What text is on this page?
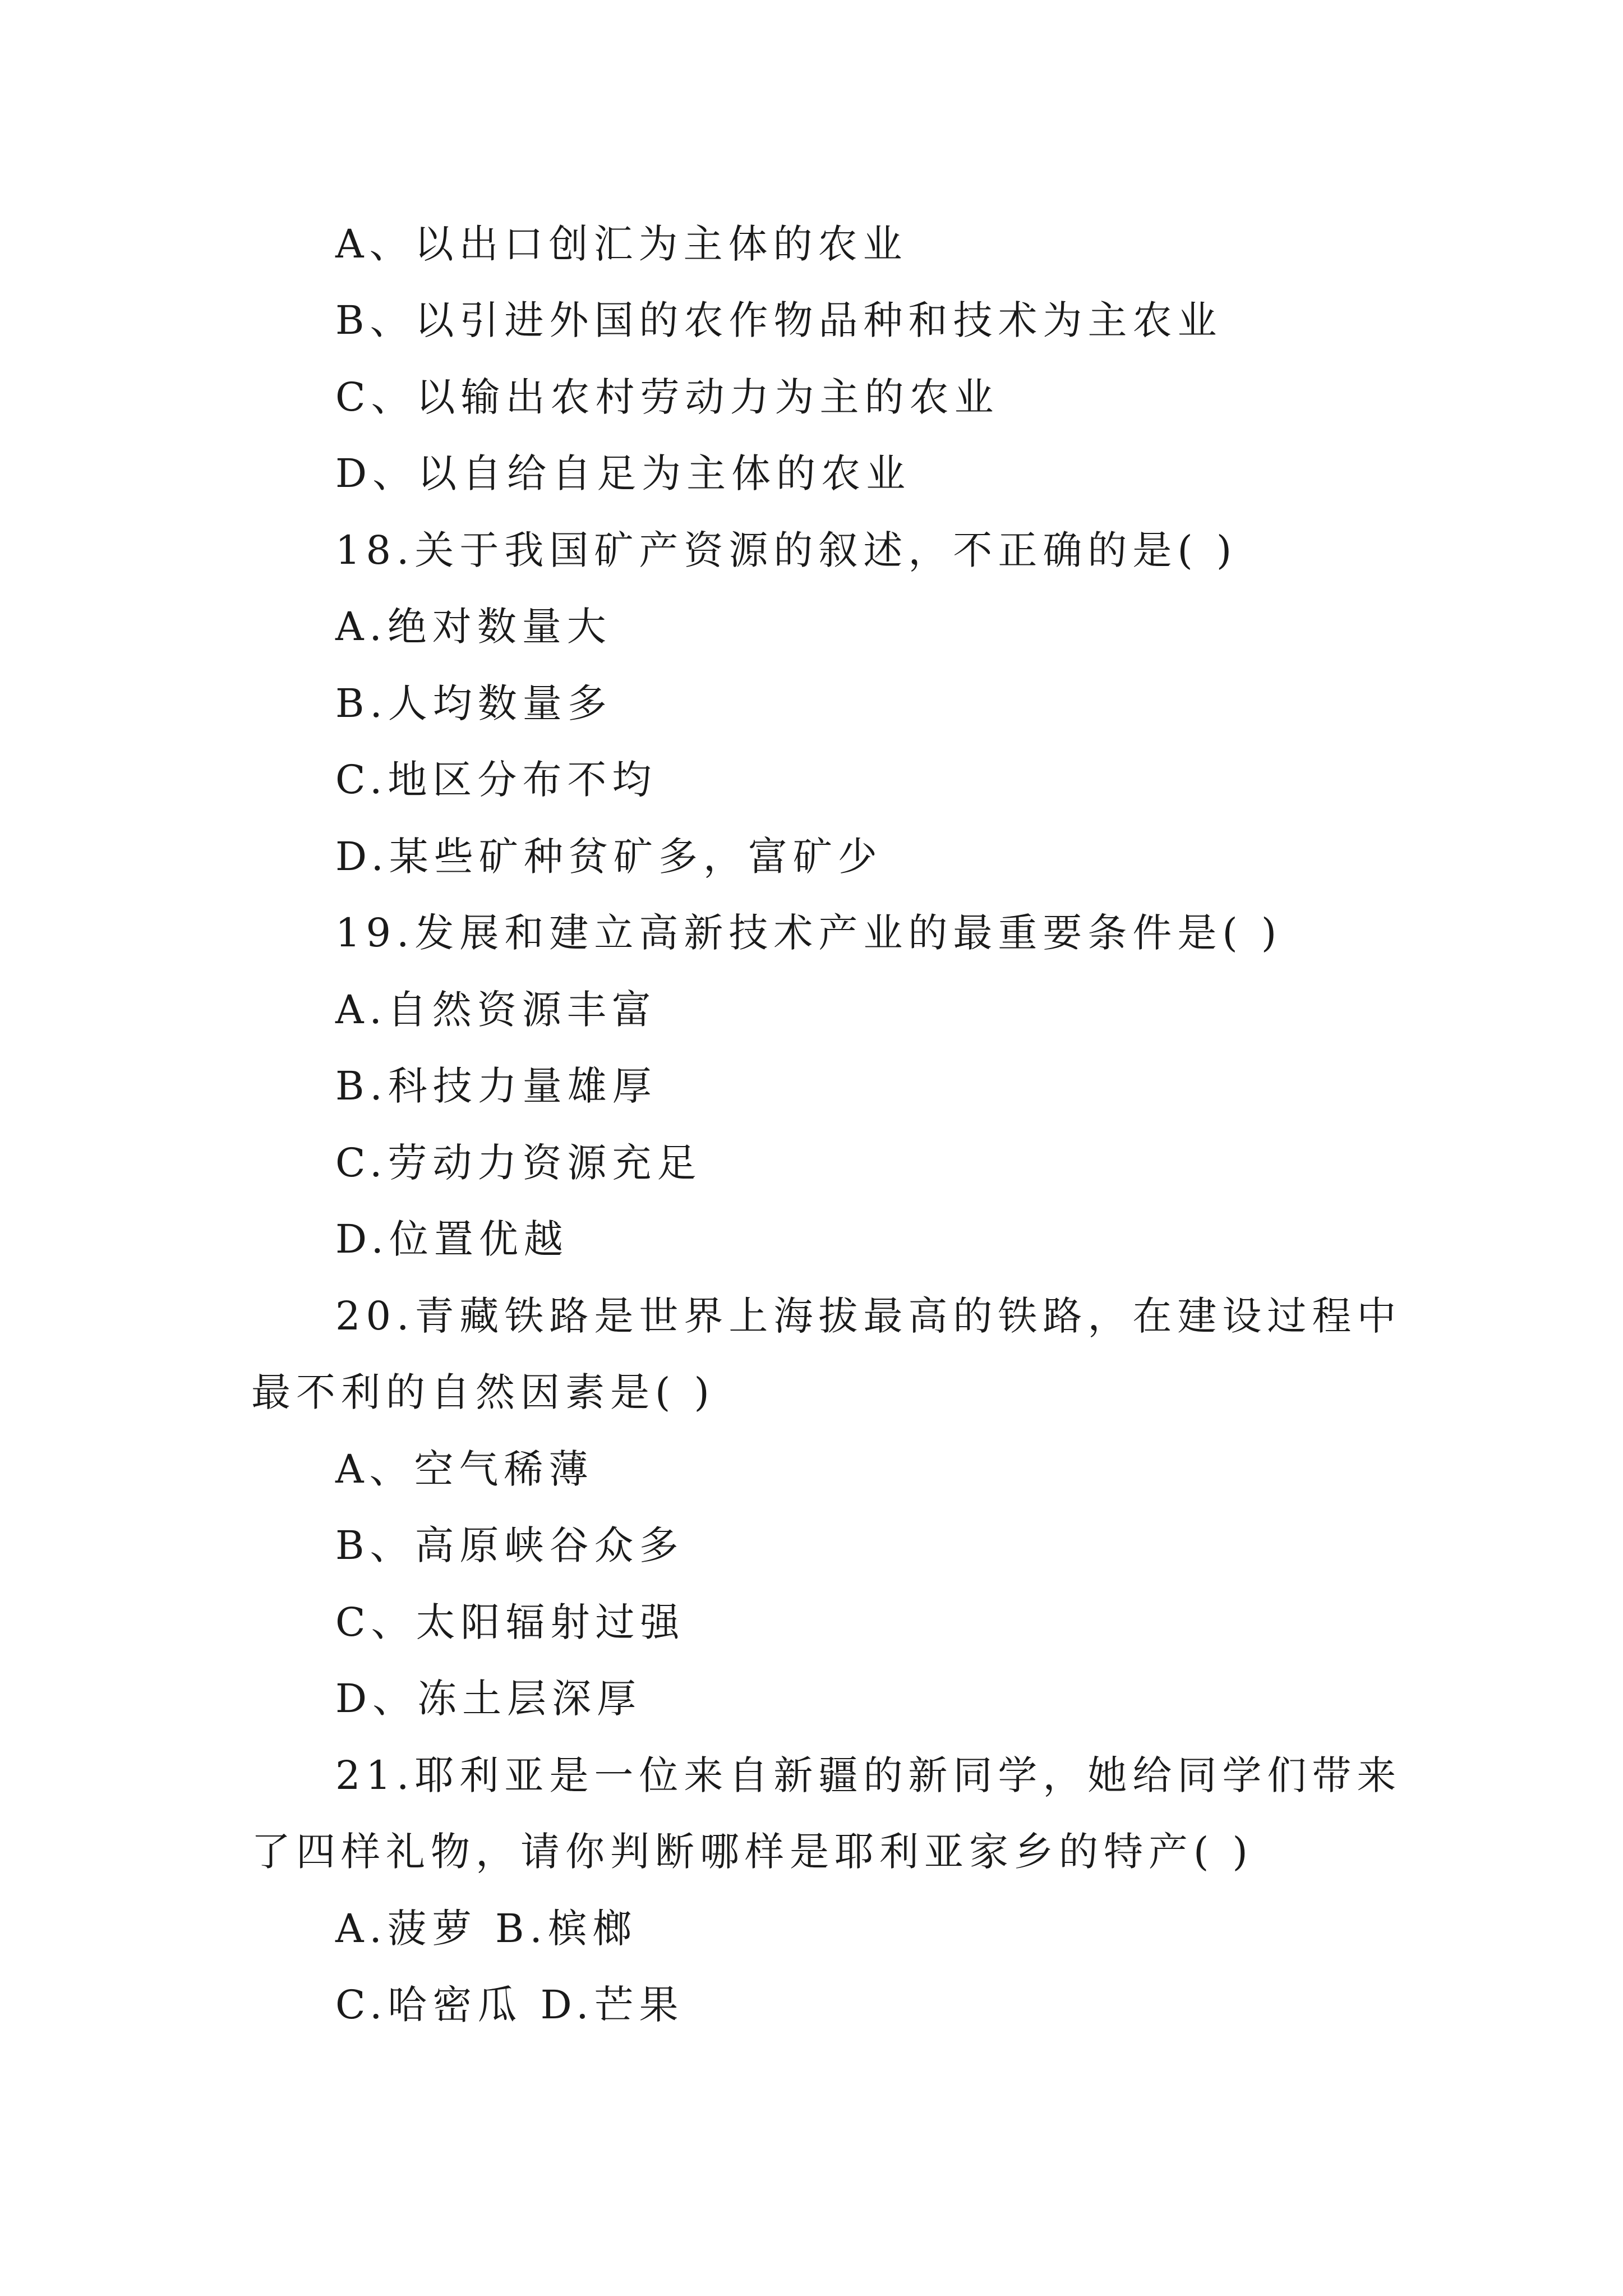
A、以出口创汇为主体的农业
B、以引进外国的农作物品种和技术为主农业
C、以输出农村劳动力为主的农业
D、以自给自足为主体的农业
18.关于我国矿产资源的叙述，不正确的是( )
A.绝对数量大
B.人均数量多
C.地区分布不均
D.某些矿种贫矿多，富矿少
19.发展和建立高新技术产业的最重要条件是( )
A.自然资源丰富
B.科技力量雄厚
C.劳动力资源充足
D.位置优越
20.青藏铁路是世界上海拔最高的铁路，在建设过程中
最不利的自然因素是( )
A、空气稀薄
B、高原峡谷众多
C、太阳辐射过强
D、冻土层深厚
21.耶利亚是一位来自新疆的新同学，她给同学们带来
了四样礼物，请你判断哪样是耶利亚家乡的特产( )
A.菠萝 B.槟榔
C.哈密瓜 D.芒果
